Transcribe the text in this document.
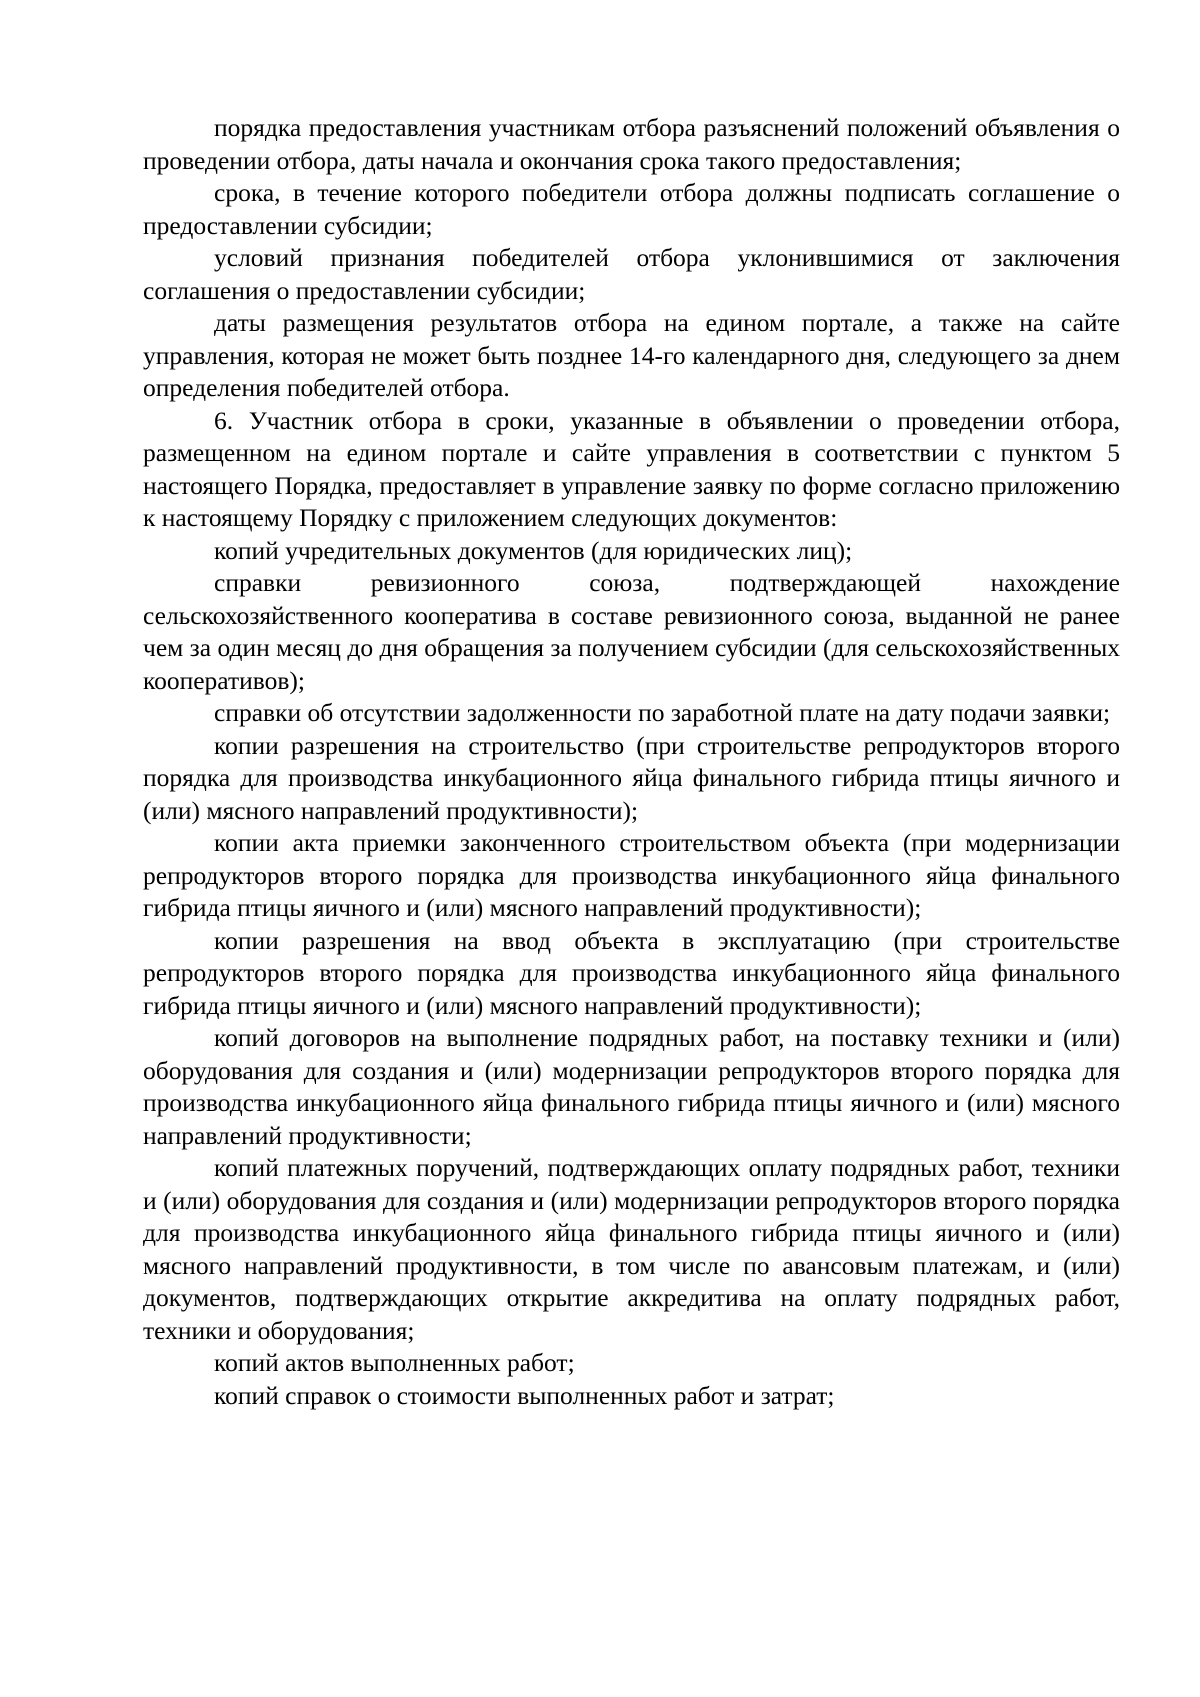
порядка предоставления участникам отбора разъяснений положений объявления о проведении отбора, даты начала и окончания срока такого предоставления;

срока, в течение которого победители отбора должны подписать соглашение о предоставлении субсидии;

условий признания победителей отбора уклонившимися от заключения соглашения о предоставлении субсидии;

даты размещения результатов отбора на едином портале, а также на сайте управления, которая не может быть позднее 14-го календарного дня, следующего за днем определения победителей отбора.

6. Участник отбора в сроки, указанные в объявлении о проведении отбора, размещенном на едином портале и сайте управления в соответствии с пунктом 5 настоящего Порядка, предоставляет в управление заявку по форме согласно приложению к настоящему Порядку с приложением следующих документов:

копий учредительных документов (для юридических лиц);

справки ревизионного союза, подтверждающей нахождение сельскохозяйственного кооператива в составе ревизионного союза, выданной не ранее чем за один месяц до дня обращения за получением субсидии (для сельскохозяйственных кооперативов);

справки об отсутствии задолженности по заработной плате на дату подачи заявки;

копии разрешения на строительство (при строительстве репродукторов второго порядка для производства инкубационного яйца финального гибрида птицы яичного и (или) мясного направлений продуктивности);

копии акта приемки законченного строительством объекта (при модернизации репродукторов второго порядка для производства инкубационного яйца финального гибрида птицы яичного и (или) мясного направлений продуктивности);

копии разрешения на ввод объекта в эксплуатацию (при строительстве репродукторов второго порядка для производства инкубационного яйца финального гибрида птицы яичного и (или) мясного направлений продуктивности);

копий договоров на выполнение подрядных работ, на поставку техники и (или) оборудования для создания и (или) модернизации репродукторов второго порядка для производства инкубационного яйца финального гибрида птицы яичного и (или) мясного направлений продуктивности;

копий платежных поручений, подтверждающих оплату подрядных работ, техники и (или) оборудования для создания и (или) модернизации репродукторов второго порядка для производства инкубационного яйца финального гибрида птицы яичного и (или) мясного направлений продуктивности, в том числе по авансовым платежам, и (или) документов, подтверждающих открытие аккредитива на оплату подрядных работ, техники и оборудования;

копий актов выполненных работ;

копий справок о стоимости выполненных работ и затрат;
